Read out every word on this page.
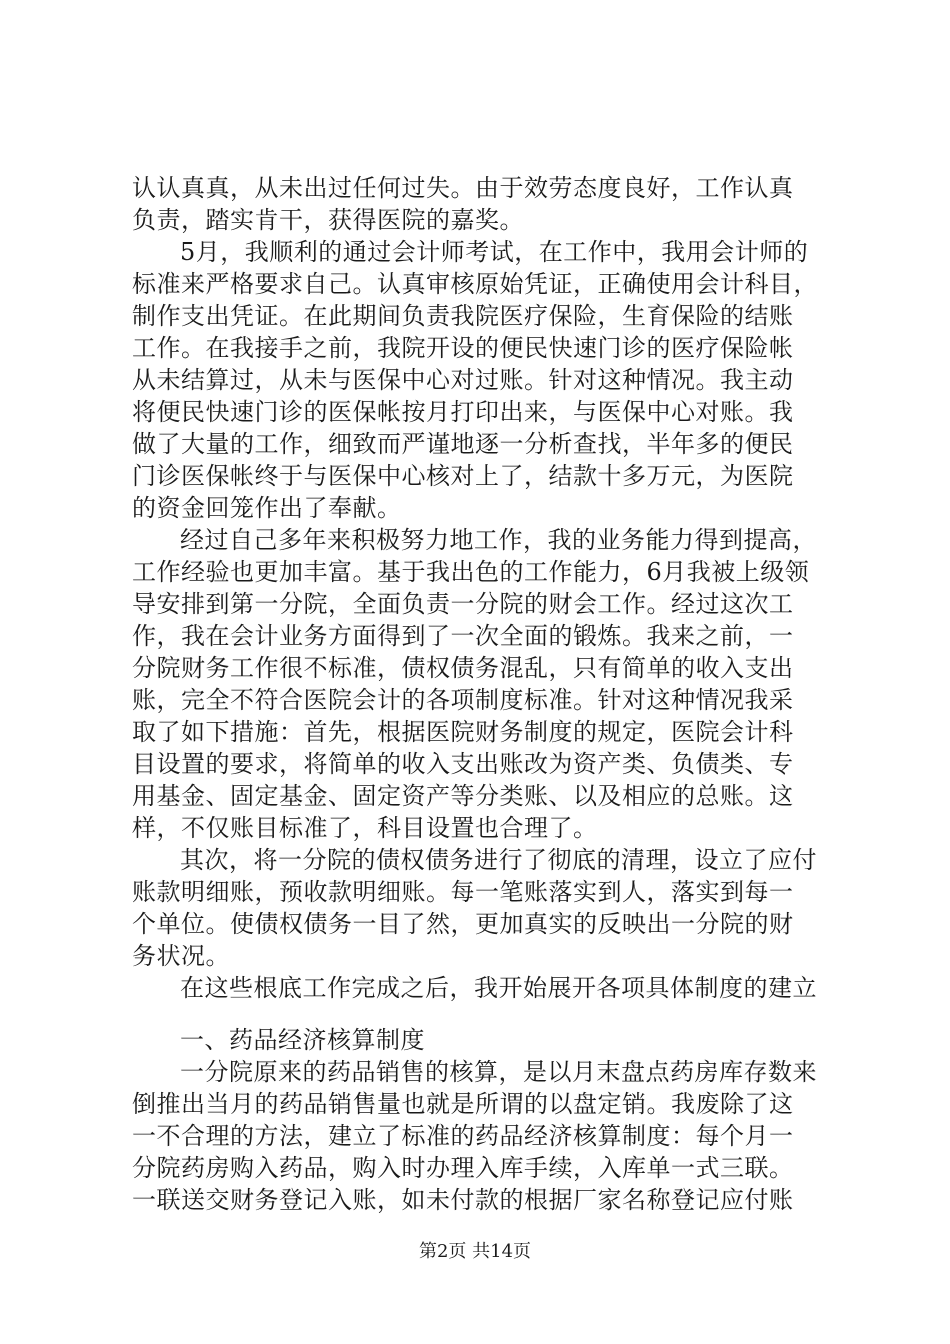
认认真真，从未出过任何过失。由于效劳态度良好，工作认真
负责，踏实肯干，获得医院的嘉奖。
5月，我顺利的通过会计师考试，在工作中，我用会计师的
标准来严格要求自己。认真审核原始凭证，正确使用会计科目，
制作支出凭证。在此期间负责我院医疗保险，生育保险的结账
工作。在我接手之前，我院开设的便民快速门诊的医疗保险帐
从未结算过，从未与医保中心对过账。针对这种情况。我主动
将便民快速门诊的医保帐按月打印出来，与医保中心对账。我
做了大量的工作，细致而严谨地逐一分析查找，半年多的便民
门诊医保帐终于与医保中心核对上了，结款十多万元，为医院
的资金回笼作出了奉献。
经过自己多年来积极努力地工作，我的业务能力得到提高，
工作经验也更加丰富。基于我出色的工作能力，6月我被上级领
导安排到第一分院，全面负责一分院的财会工作。经过这次工
作，我在会计业务方面得到了一次全面的锻炼。我来之前，一
分院财务工作很不标准，债权债务混乱，只有简单的收入支出
账，完全不符合医院会计的各项制度标准。针对这种情况我采
取了如下措施：首先，根据医院财务制度的规定，医院会计科
目设置的要求，将简单的收入支出账改为资产类、负债类、专
用基金、固定基金、固定资产等分类账、以及相应的总账。这
样，不仅账目标准了，科目设置也合理了。
其次，将一分院的债权债务进行了彻底的清理，设立了应付
账款明细账，预收款明细账。每一笔账落实到人，落实到每一
个单位。使债权债务一目了然，更加真实的反映出一分院的财
务状况。
在这些根底工作完成之后，我开始展开各项具体制度的建立
一、药品经济核算制度
一分院原来的药品销售的核算，是以月末盘点药房库存数来
倒推出当月的药品销售量也就是所谓的以盘定销。我废除了这
一不合理的方法，建立了标准的药品经济核算制度：每个月一
分院药房购入药品，购入时办理入库手续，入库单一式三联。
一联送交财务登记入账，如未付款的根据厂家名称登记应付账
第2页 共14页
